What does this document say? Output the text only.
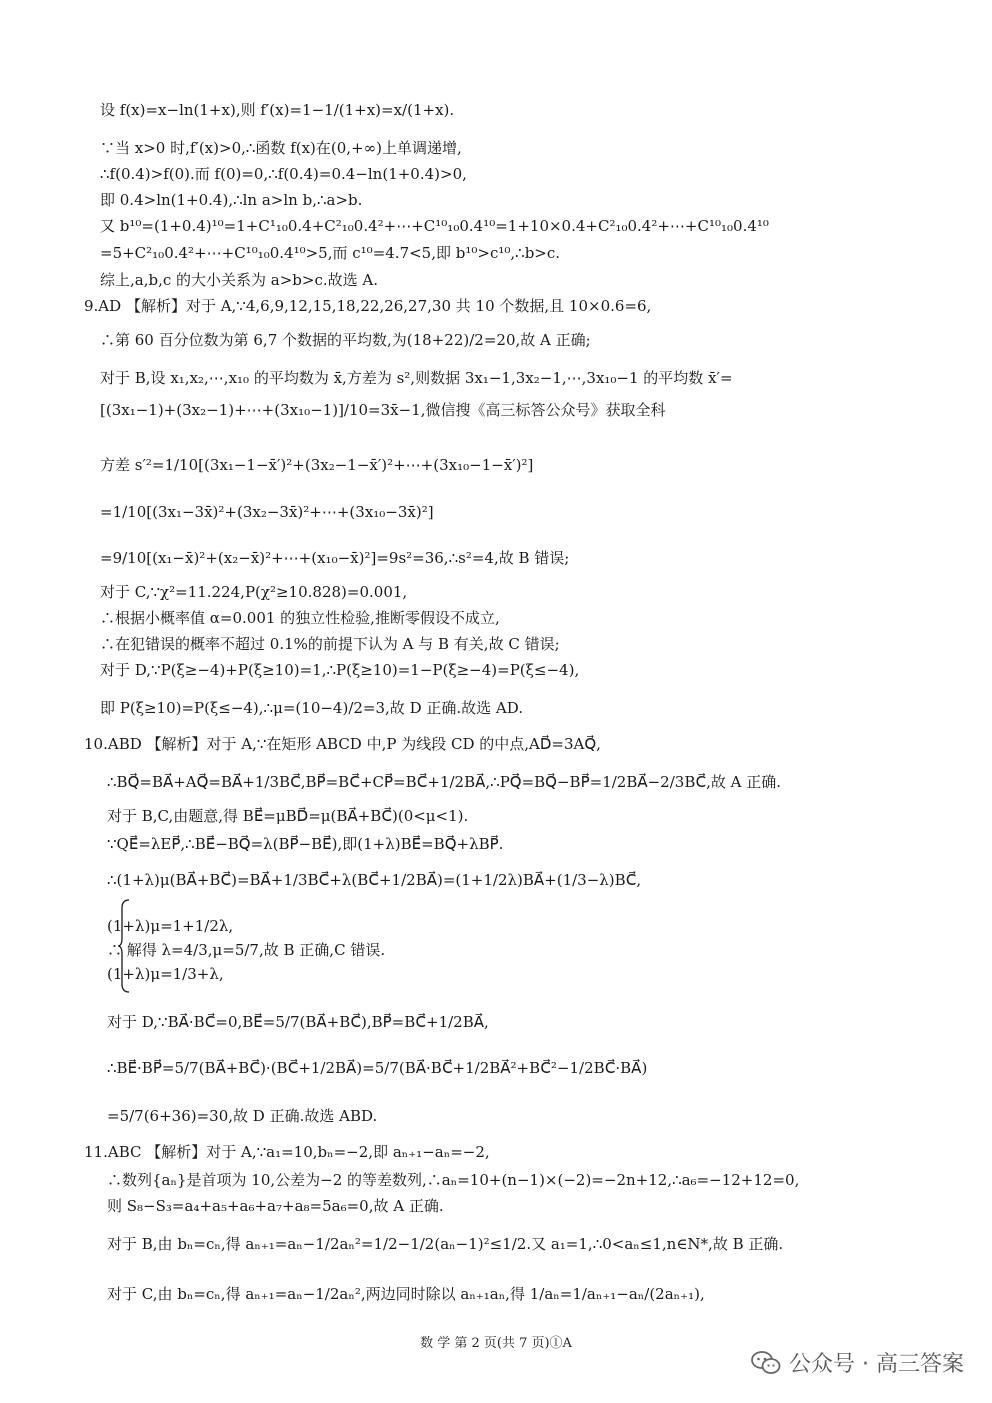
设 f(x)=x−ln(1+x),则 f′(x)=1−1/(1+x)=x/(1+x).
∵当 x>0 时,f′(x)>0,∴函数 f(x)在(0,+∞)上单调递增,
∴f(0.4)>f(0).而 f(0)=0,∴f(0.4)=0.4−ln(1+0.4)>0,
即 0.4>ln(1+0.4),∴ln a>ln b,∴a>b.
又 b¹⁰=(1+0.4)¹⁰=1+C¹₁₀0.4+C²₁₀0.4²+⋯+C¹⁰₁₀0.4¹⁰=1+10×0.4+C²₁₀0.4²+⋯+C¹⁰₁₀0.4¹⁰
=5+C²₁₀0.4²+⋯+C¹⁰₁₀0.4¹⁰>5,而 c¹⁰=4.7<5,即 b¹⁰>c¹⁰,∴b>c.
综上,a,b,c 的大小关系为 a>b>c.故选 A.
9.AD 【解析】对于 A,∵4,6,9,12,15,18,22,26,27,30 共 10 个数据,且 10×0.6=6,
∴第 60 百分位数为第 6,7 个数据的平均数,为(18+22)/2=20,故 A 正确;
对于 B,设 x₁,x₂,⋯,x₁₀ 的平均数为 x̄,方差为 s²,则数据 3x₁−1,3x₂−1,⋯,3x₁₀−1 的平均数 x̄′=
[(3x₁−1)+(3x₂−1)+⋯+(3x₁₀−1)]/10=3x̄−1,微信搜《高三标答公众号》获取全科
方差 s′²=1/10[(3x₁−1−x̄′)²+(3x₂−1−x̄′)²+⋯+(3x₁₀−1−x̄′)²]
=1/10[(3x₁−3x̄)²+(3x₂−3x̄)²+⋯+(3x₁₀−3x̄)²]
=9/10[(x₁−x̄)²+(x₂−x̄)²+⋯+(x₁₀−x̄)²]=9s²=36,∴s²=4,故 B 错误;
对于 C,∵χ²=11.224,P(χ²≥10.828)=0.001,
∴根据小概率值 α=0.001 的独立性检验,推断零假设不成立,
∴在犯错误的概率不超过 0.1%的前提下认为 A 与 B 有关,故 C 错误;
对于 D,∵P(ξ≥−4)+P(ξ≥10)=1,∴P(ξ≥10)=1−P(ξ≥−4)=P(ξ≤−4),
即 P(ξ≥10)=P(ξ≤−4),∴μ=(10−4)/2=3,故 D 正确.故选 AD.
10.ABD 【解析】对于 A,∵在矩形 ABCD 中,P 为线段 CD 的中点,AD⃗=3AQ⃗,
∴BQ⃗=BA⃗+AQ⃗=BA⃗+1/3BC⃗,BP⃗=BC⃗+CP⃗=BC⃗+1/2BA⃗,∴PQ⃗=BQ⃗−BP⃗=1/2BA⃗−2/3BC⃗,故 A 正确.
对于 B,C,由题意,得 BE⃗=μBD⃗=μ(BA⃗+BC⃗)(0<μ<1).
∵QE⃗=λEP⃗,∴BE⃗−BQ⃗=λ(BP⃗−BE⃗),即(1+λ)BE⃗=BQ⃗+λBP⃗.
∴(1+λ)μ(BA⃗+BC⃗)=BA⃗+1/3BC⃗+λ(BC⃗+1/2BA⃗)=(1+1/2λ)BA⃗+(1/3−λ)BC⃗,
(1+λ)μ=1+1/2λ,
∴ 解得 λ=4/3,μ=5/7,故 B 正确,C 错误.
(1+λ)μ=1/3+λ,
对于 D,∵BA⃗·BC⃗=0,BE⃗=5/7(BA⃗+BC⃗),BP⃗=BC⃗+1/2BA⃗,
∴BE⃗·BP⃗=5/7(BA⃗+BC⃗)·(BC⃗+1/2BA⃗)=5/7(BA⃗·BC⃗+1/2BA⃗²+BC⃗²−1/2BC⃗·BA⃗)
=5/7(6+36)=30,故 D 正确.故选 ABD.
11.ABC 【解析】对于 A,∵a₁=10,bₙ=−2,即 aₙ₊₁−aₙ=−2,
∴数列{aₙ}是首项为 10,公差为−2 的等差数列,∴aₙ=10+(n−1)×(−2)=−2n+12,∴a₆=−12+12=0,
则 S₈−S₃=a₄+a₅+a₆+a₇+a₈=5a₆=0,故 A 正确.
对于 B,由 bₙ=cₙ,得 aₙ₊₁=aₙ−1/2aₙ²=1/2−1/2(aₙ−1)²≤1/2.又 a₁=1,∴0<aₙ≤1,n∈N*,故 B 正确.
对于 C,由 bₙ=cₙ,得 aₙ₊₁=aₙ−1/2aₙ²,两边同时除以 aₙ₊₁aₙ,得 1/aₙ=1/aₙ₊₁−aₙ/(2aₙ₊₁),
数 学 第 2 页(共 7 页)①A
公众号 · 高三答案
